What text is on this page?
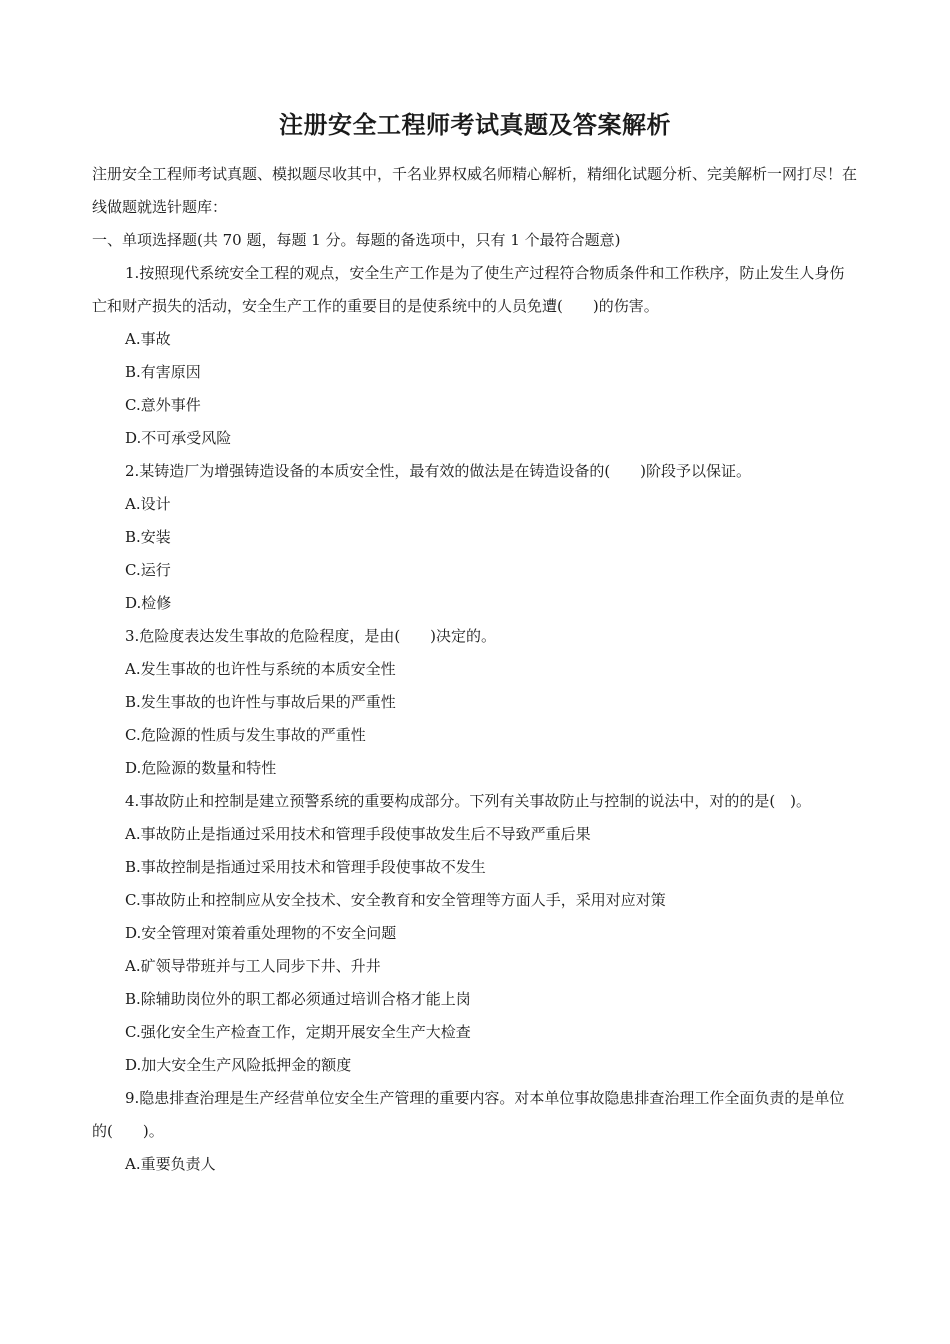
注册安全工程师考试真题及答案解析

注册安全工程师考试真题、模拟题尽收其中，千名业界权威名师精心解析，精细化试题分析、完美解析一网打尽！在线做题就选针题库：

一、单项选择题(共 70 题，每题 1 分。每题的备选项中，只有 1 个最符合题意)

1.按照现代系统安全工程的观点，安全生产工作是为了使生产过程符合物质条件和工作秩序，防止发生人身伤亡和财产损失的活动，安全生产工作的重要目的是使系统中的人员免遭(　　)的伤害。

A.事故

B.有害原因

C.意外事件

D.不可承受风险

2.某铸造厂为增强铸造设备的本质安全性，最有效的做法是在铸造设备的(　　)阶段予以保证。

A.设计

B.安装

C.运行

D.检修

3.危险度表达发生事故的危险程度，是由(　　)决定的。

A.发生事故的也许性与系统的本质安全性

B.发生事故的也许性与事故后果的严重性

C.危险源的性质与发生事故的严重性

D.危险源的数量和特性

4.事故防止和控制是建立预警系统的重要构成部分。下列有关事故防止与控制的说法中，对的的是(　)。

A.事故防止是指通过采用技术和管理手段使事故发生后不导致严重后果

B.事故控制是指通过采用技术和管理手段使事故不发生

C.事故防止和控制应从安全技术、安全教育和安全管理等方面人手，采用对应对策

D.安全管理对策着重处理物的不安全问题

A.矿领导带班并与工人同步下井、升井

B.除辅助岗位外的职工都必须通过培训合格才能上岗

C.强化安全生产检查工作，定期开展安全生产大检查

D.加大安全生产风险抵押金的额度

9.隐患排查治理是生产经营单位安全生产管理的重要内容。对本单位事故隐患排查治理工作全面负责的是单位的(　　)。

A.重要负责人
